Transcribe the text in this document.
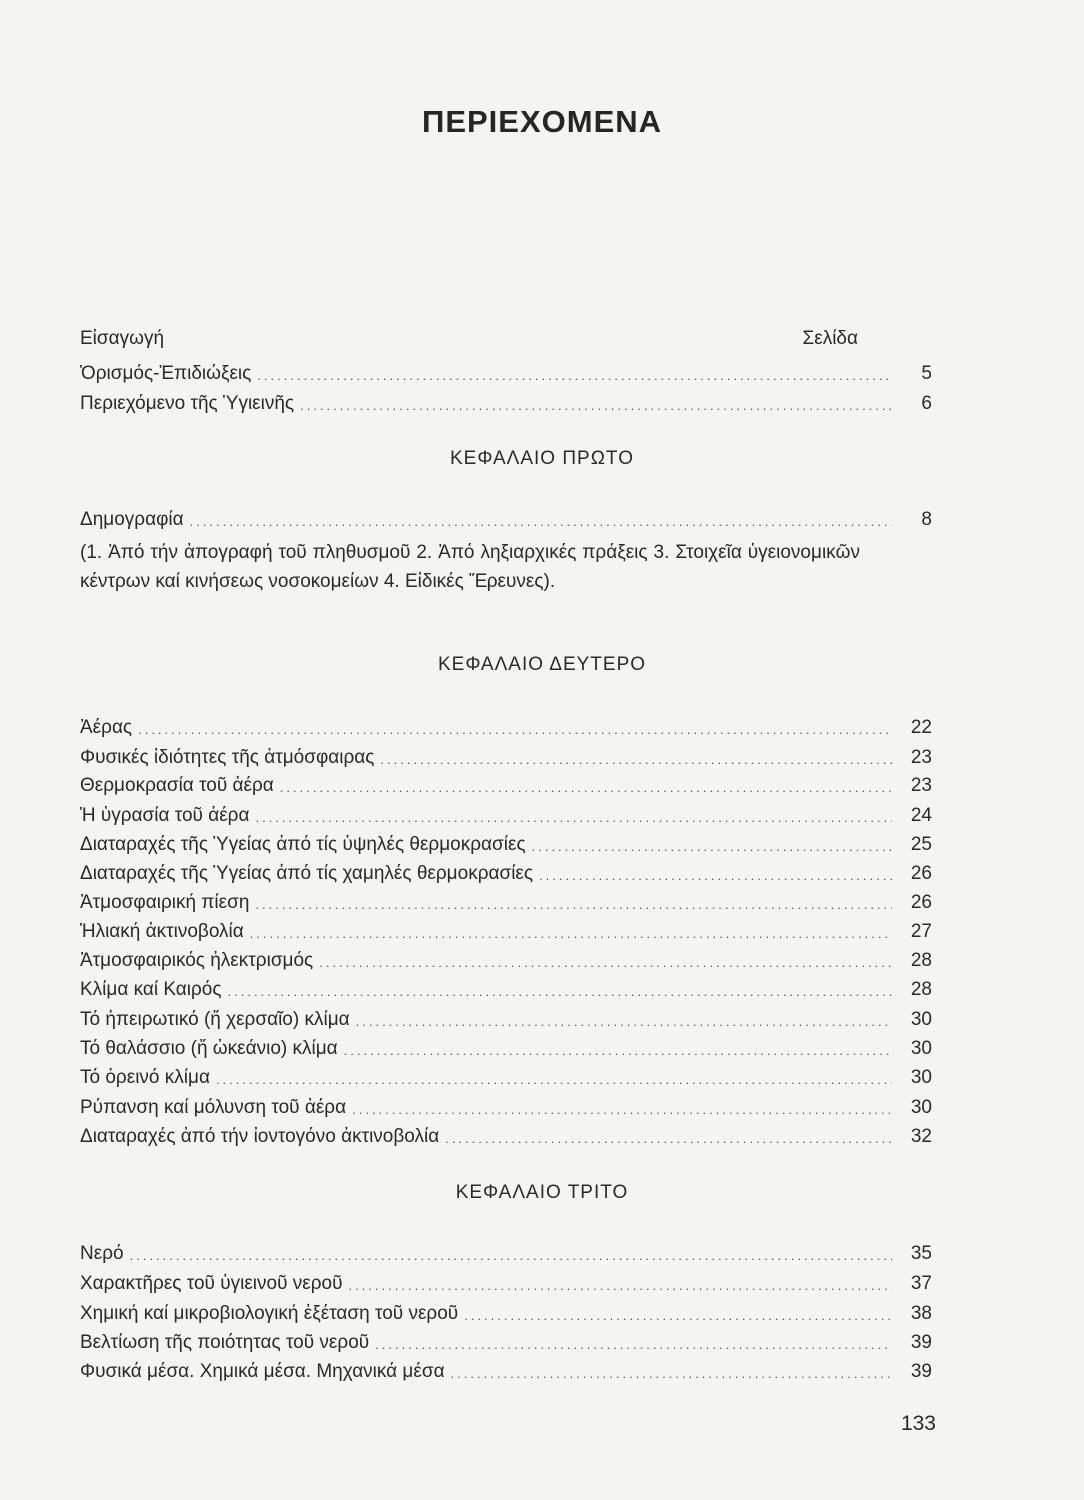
ΠΕΡΙΕΧΟΜΕΝΑ
Εἰσαγωγή	Σελίδα
Ὁρισμός-Ἐπιδιώξεις .....	5
Περιεχόμενο τῆς Ὑγιεινῆς .....	6
ΚΕΦΑΛΑΙΟ ΠΡΩΤΟ
Δημογραφία .....	8
(1. Ἀπό τήν ἀπογραφή τοῦ πληθυσμοῦ 2. Ἀπό ληξιαρχικές πράξεις 3. Στοιχεῖα ὑγειονομικῶν κέντρων καί κινήσεως νοσοκομείων 4. Εἰδικές Ἔρευνες).
ΚΕΦΑΛΑΙΟ ΔΕΥΤΕΡΟ
Ἀέρας .....	22
Φυσικές ἰδιότητες τῆς ἀτμόσφαιρας .....	23
Θερμοκρασία τοῦ ἀέρα .....	23
Ἡ ὑγρασία τοῦ ἀέρα .....	24
Διαταραχές τῆς Ὑγείας ἀπό τίς ὑψηλές θερμοκρασίες .....	25
Διαταραχές τῆς Ὑγείας ἀπό τίς χαμηλές θερμοκρασίες .....	26
Ἀτμοσφαιρική πίεση .....	26
Ἡλιακή ἀκτινοβολία .....	27
Ἀτμοσφαιρικός ἠλεκτρισμός .....	28
Κλίμα καί Καιρός .....	28
Τό ἠπειρωτικό (ἤ χερσαῖο) κλίμα .....	30
Τό θαλάσσιο (ἤ ὠκεάνιο) κλίμα .....	30
Τό ὀρεινό κλίμα .....	30
Ρύπανση καί μόλυνση τοῦ ἀέρα .....	30
Διαταραχές ἀπό τήν ἰοντογόνο ἀκτινοβολία .....	32
ΚΕΦΑΛΑΙΟ ΤΡΙΤΟ
Νερό .....	35
Χαρακτῆρες τοῦ ὑγιεινοῦ νεροῦ .....	37
Χημική καί μικροβιολογική ἐξέταση τοῦ νεροῦ .....	38
Βελτίωση τῆς ποιότητας τοῦ νεροῦ .....	39
Φυσικά μέσα. Χημικά μέσα. Μηχανικά μέσα .....	39
133
